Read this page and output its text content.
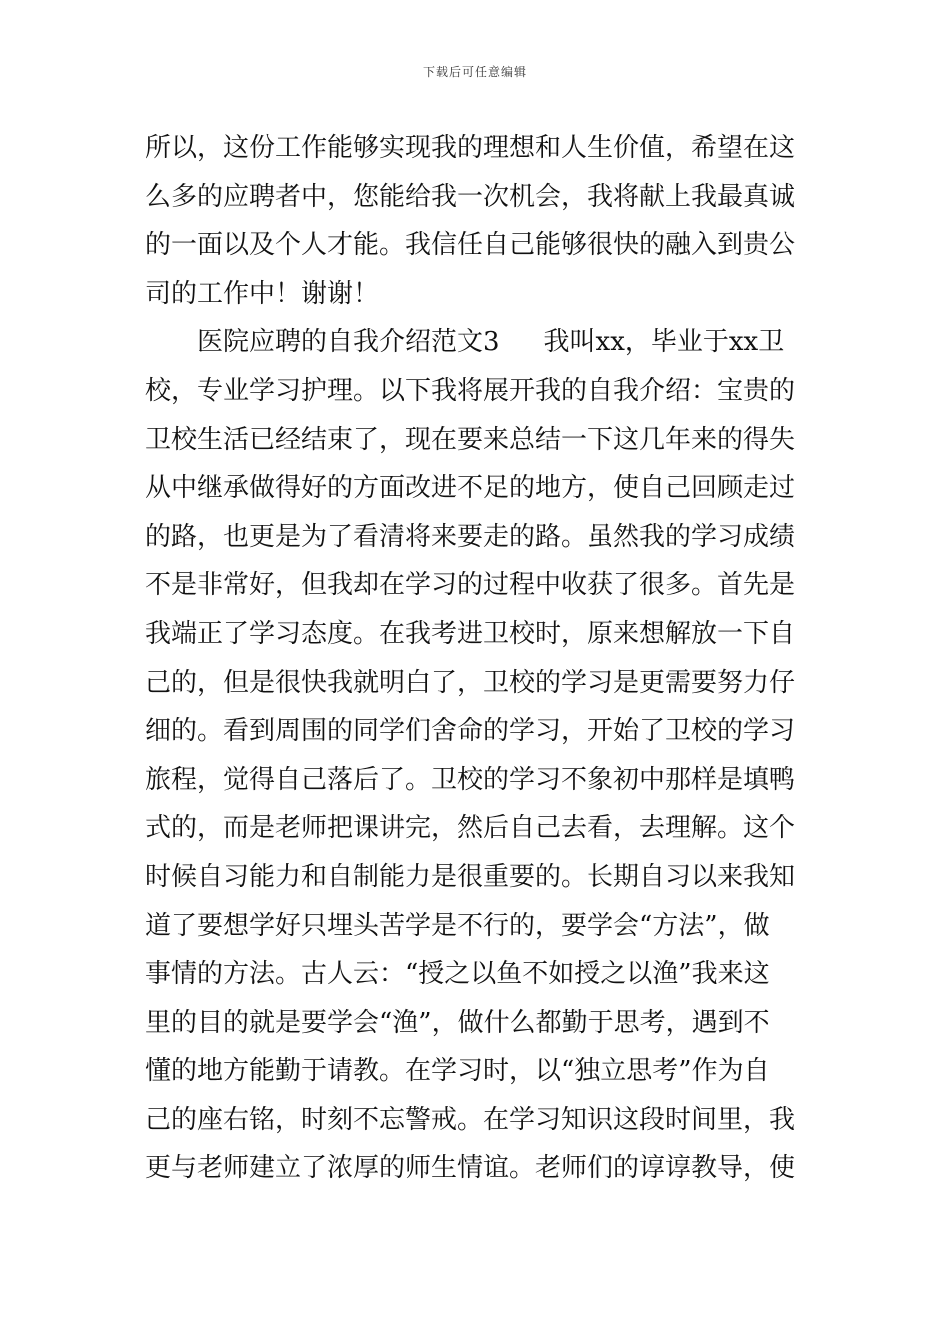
下载后可任意编辑
所以，这份工作能够实现我的理想和人生价值，希望在这
么多的应聘者中，您能给我一次机会，我将献上我最真诚
的一面以及个人才能。我信任自己能够很快的融入到贵公
司的工作中！谢谢！
医院应聘的自我介绍范文3 我叫xx，毕业于xx卫
校，专业学习护理。以下我将展开我的自我介绍：宝贵的
卫校生活已经结束了，现在要来总结一下这几年来的得失
从中继承做得好的方面改进不足的地方，使自己回顾走过
的路，也更是为了看清将来要走的路。虽然我的学习成绩
不是非常好，但我却在学习的过程中收获了很多。首先是
我端正了学习态度。在我考进卫校时，原来想解放一下自
己的，但是很快我就明白了，卫校的学习是更需要努力仔
细的。看到周围的同学们舍命的学习，开始了卫校的学习
旅程，觉得自己落后了。卫校的学习不象初中那样是填鸭
式的，而是老师把课讲完，然后自己去看，去理解。这个
时候自习能力和自制能力是很重要的。长期自习以来我知
道了要想学好只埋头苦学是不行的，要学会“方法”，做
事情的方法。古人云：“授之以鱼不如授之以渔”我来这
里的目的就是要学会“渔”，做什么都勤于思考，遇到不
懂的地方能勤于请教。在学习时，以“独立思考”作为自
己的座右铭，时刻不忘警戒。在学习知识这段时间里，我
更与老师建立了浓厚的师生情谊。老师们的谆谆教导，使
